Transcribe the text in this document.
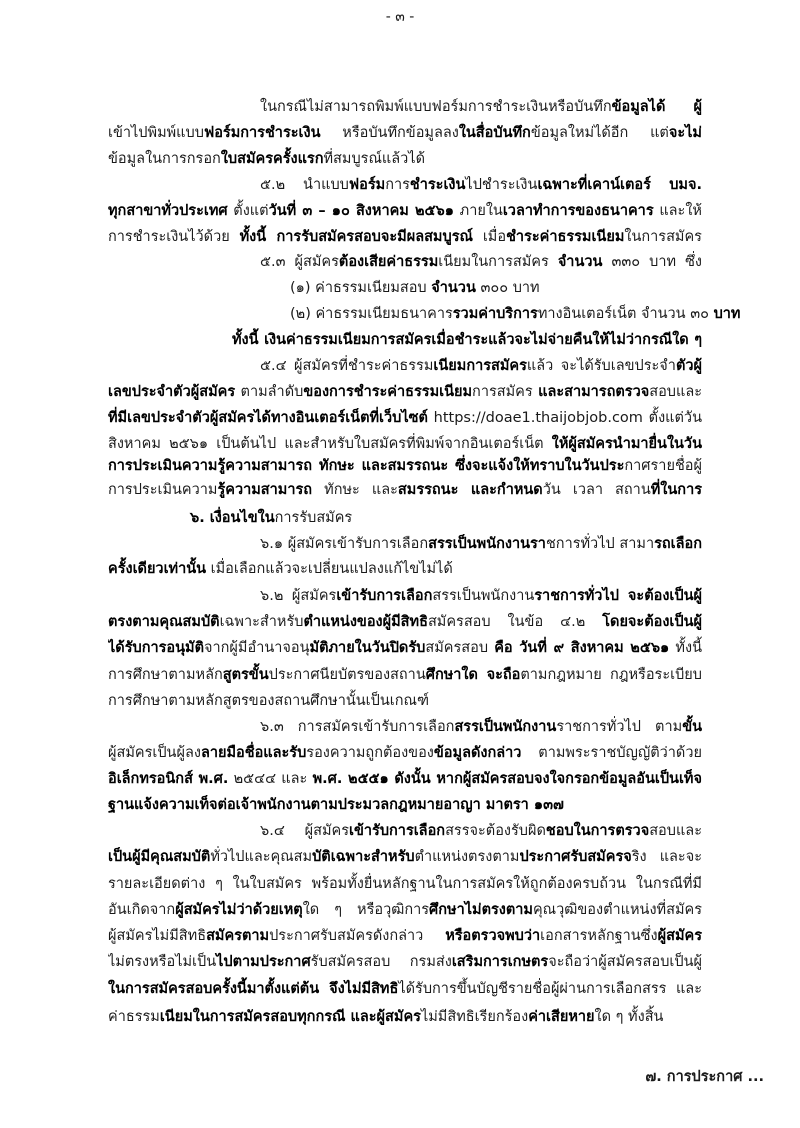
- ๓ -
ในกรณีไม่สามารถพิมพ์แบบฟอร์มการชำระเงินหรือบันทึกข้อมูลได้ ผู้
เข้าไปพิมพ์แบบฟอร์มการชำระเงิน หรือบันทึกข้อมูลลงในสื่อบันทึกข้อมูลใหม่ได้อีก แต่จะไม่
ข้อมูลในการกรอกใบสมัครครั้งแรกที่สมบูรณ์แล้วได้
๕.๒ นำแบบฟอร์มการชำระเงินไปชำระเงินเฉพาะที่เคาน์เตอร์ บมจ.
ทุกสาขาทั่วประเทศ ตั้งแต่วันที่ ๓ – ๑๐ สิงหาคม ๒๕๖๑ ภายในเวลาทำการของธนาคาร และให้
การชำระเงินไว้ด้วย ทั้งนี้ การรับสมัครสอบจะมีผลสมบูรณ์ เมื่อชำระค่าธรรมเนียมในการสมัคร
๕.๓ ผู้สมัครต้องเสียค่าธรรมเนียมในการสมัคร จำนวน ๓๓๐ บาท ซึ่ง
(๑) ค่าธรรมเนียมสอบ จำนวน ๓๐๐ บาท
(๒) ค่าธรรมเนียมธนาคารรวมค่าบริการทางอินเตอร์เน็ต จำนวน ๓๐ บาท
ทั้งนี้ เงินค่าธรรมเนียมการสมัครเมื่อชำระแล้วจะไม่จ่ายคืนให้ไม่ว่ากรณีใด ๆ
๕.๔ ผู้สมัครที่ชำระค่าธรรมเนียมการสมัครแล้ว จะได้รับเลขประจำตัวผู้
เลขประจำตัวผู้สมัคร ตามลำดับของการชำระค่าธรรมเนียมการสมัคร และสามารถตรวจสอบและ
ที่มีเลขประจำตัวผู้สมัครได้ทางอินเตอร์เน็ตที่เว็บไซต์ https://doae1.thaijobjob.com ตั้งแต่วัน
สิงหาคม ๒๕๖๑ เป็นต้นไป และสำหรับใบสมัครที่พิมพ์จากอินเตอร์เน็ต ให้ผู้สมัครนำมายื่นในวัน
การประเมินความรู้ความสามารถ ทักษะ และสมรรถนะ ซึ่งจะแจ้งให้ทราบในวันประกาศรายชื่อผู้
การประเมินความรู้ความสามารถ ทักษะ และสมรรถนะ และกำหนดวัน เวลา สถานที่ในการ
๖. เงื่อนไขในการรับสมัคร
๖.๑ ผู้สมัครเข้ารับการเลือกสรรเป็นพนักงานราชการทั่วไป สามารถเลือก
ครั้งเดียวเท่านั้น เมื่อเลือกแล้วจะเปลี่ยนแปลงแก้ไขไม่ได้
๖.๒ ผู้สมัครเข้ารับการเลือกสรรเป็นพนักงานราชการทั่วไป จะต้องเป็นผู้
ตรงตามคุณสมบัติเฉพาะสำหรับตำแหน่งของผู้มีสิทธิสมัครสอบ ในข้อ ๔.๒ โดยจะต้องเป็นผู้
ได้รับการอนุมัติจากผู้มีอำนาจอนุมัติภายในวันปิดรับสมัครสอบ คือ วันที่ ๙ สิงหาคม ๒๕๖๑ ทั้งนี้
การศึกษาตามหลักสูตรขั้นประกาศนียบัตรของสถานศึกษาใด จะถือตามกฎหมาย กฎหรือระเบียบ
การศึกษาตามหลักสูตรของสถานศึกษานั้นเป็นเกณฑ์
๖.๓ การสมัครเข้ารับการเลือกสรรเป็นพนักงานราชการทั่วไป ตามขั้น
ผู้สมัครเป็นผู้ลงลายมือชื่อและรับรองความถูกต้องของข้อมูลดังกล่าว ตามพระราชบัญญัติว่าด้วย
อิเล็กทรอนิกส์ พ.ศ. ๒๕๔๔ และ พ.ศ. ๒๕๕๑ ดังนั้น หากผู้สมัครสอบจงใจกรอกข้อมูลอันเป็นเท็จ
ฐานแจ้งความเท็จต่อเจ้าพนักงานตามประมวลกฎหมายอาญา มาตรา ๑๓๗
๖.๔ ผู้สมัครเข้ารับการเลือกสรรจะต้องรับผิดชอบในการตรวจสอบและ
เป็นผู้มีคุณสมบัติทั่วไปและคุณสมบัติเฉพาะสำหรับตำแหน่งตรงตามประกาศรับสมัครจริง และจะ
รายละเอียดต่าง ๆ ในใบสมัคร พร้อมทั้งยื่นหลักฐานในการสมัครให้ถูกต้องครบถ้วน ในกรณีที่มี
อันเกิดจากผู้สมัครไม่ว่าด้วยเหตุใด ๆ หรือวุฒิการศึกษาไม่ตรงตามคุณวุฒิของตำแหน่งที่สมัคร
ผู้สมัครไม่มีสิทธิสมัครตามประกาศรับสมัครดังกล่าว หรือตรวจพบว่าเอกสารหลักฐานซึ่งผู้สมัคร
ไม่ตรงหรือไม่เป็นไปตามประกาศรับสมัครสอบ กรมส่งเสริมการเกษตรจะถือว่าผู้สมัครสอบเป็นผู้
ในการสมัครสอบครั้งนี้มาตั้งแต่ต้น จึงไม่มีสิทธิได้รับการขึ้นบัญชีรายชื่อผู้ผ่านการเลือกสรร และ
ค่าธรรมเนียมในการสมัครสอบทุกกรณี และผู้สมัครไม่มีสิทธิเรียกร้องค่าเสียหายใด ๆ ทั้งสิ้น
๗. การประกาศ ...
